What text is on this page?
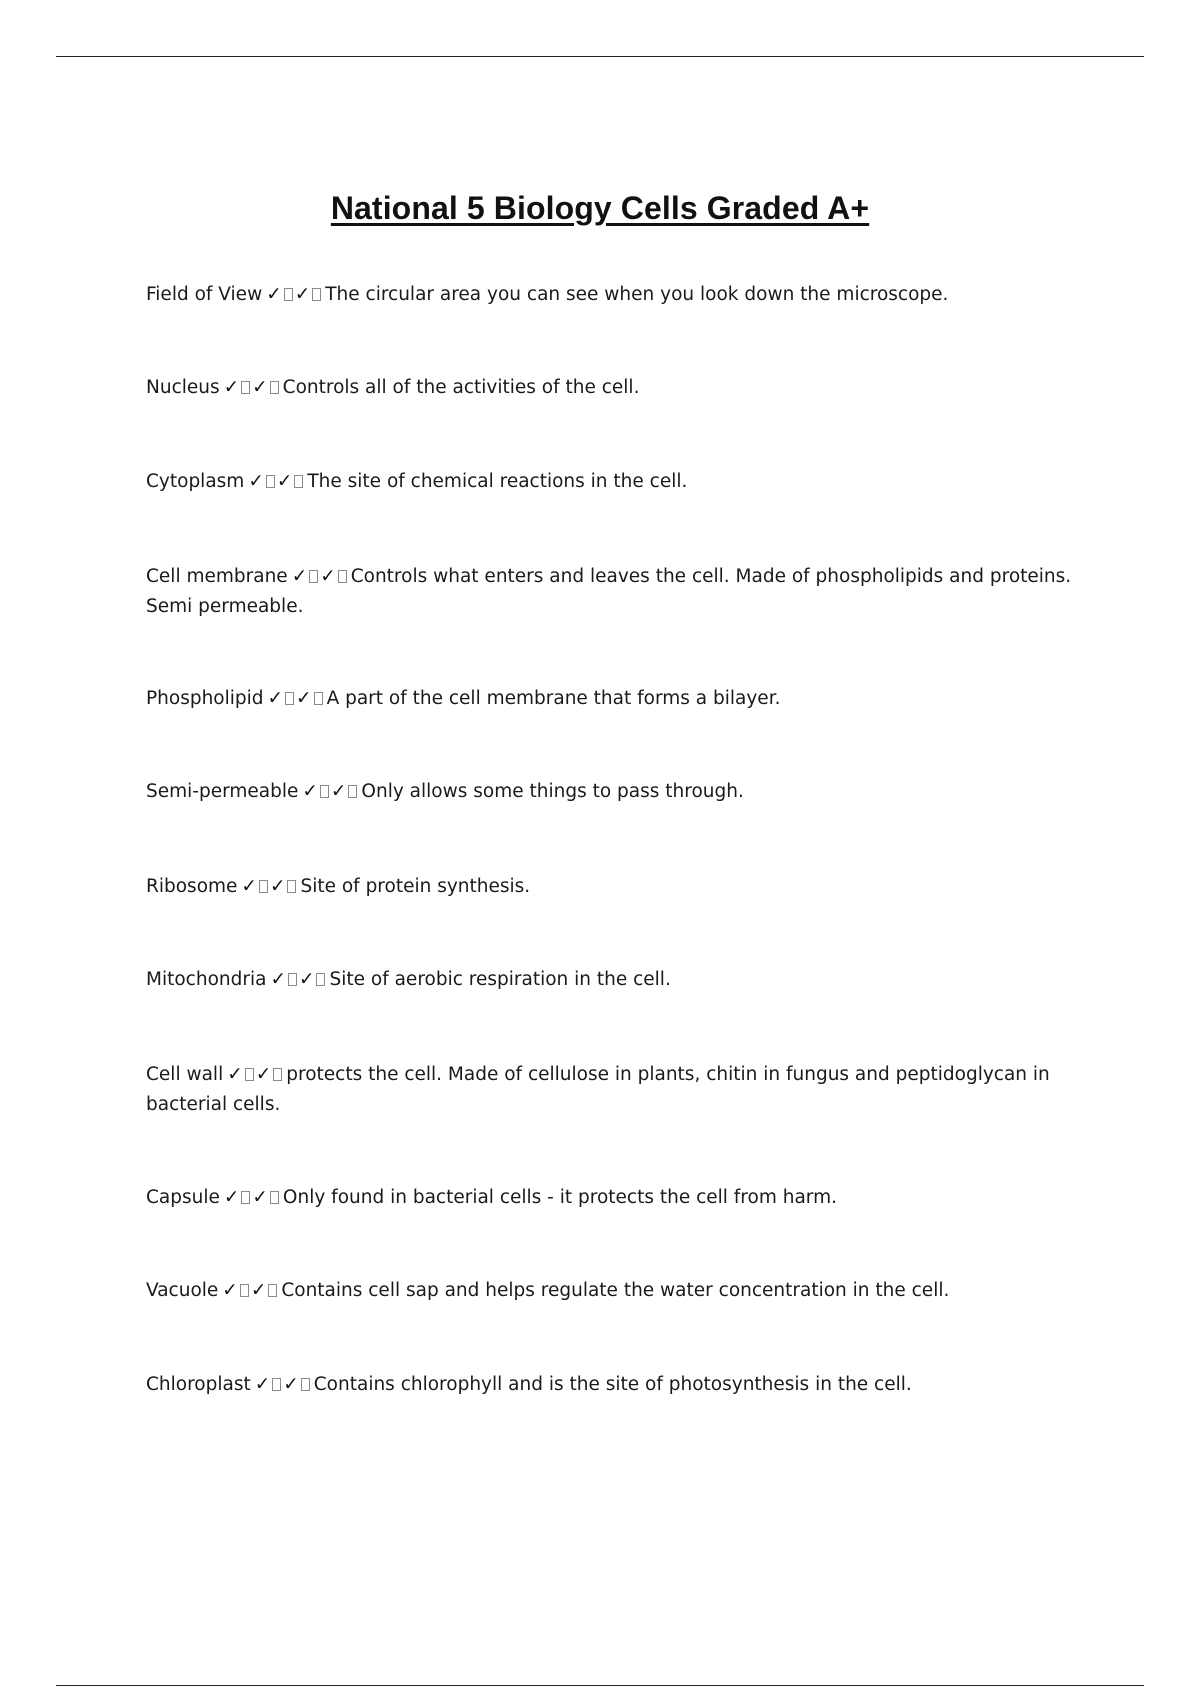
National 5 Biology Cells Graded A+

Field of View ✓ ✓ The circular area you can see when you look down the microscope.

Nucleus ✓ ✓ Controls all of the activities of the cell.

Cytoplasm ✓ ✓ The site of chemical reactions in the cell.

Cell membrane ✓ ✓ Controls what enters and leaves the cell. Made of phospholipids and proteins. Semi permeable.

Phospholipid ✓ ✓ A part of the cell membrane that forms a bilayer.

Semi-permeable ✓ ✓ Only allows some things to pass through.

Ribosome ✓ ✓ Site of protein synthesis.

Mitochondria ✓ ✓ Site of aerobic respiration in the cell.

Cell wall ✓ ✓ protects the cell. Made of cellulose in plants, chitin in fungus and peptidoglycan in bacterial cells.

Capsule ✓ ✓ Only found in bacterial cells - it protects the cell from harm.

Vacuole ✓ ✓ Contains cell sap and helps regulate the water concentration in the cell.

Chloroplast ✓ ✓ Contains chlorophyll and is the site of photosynthesis in the cell.
